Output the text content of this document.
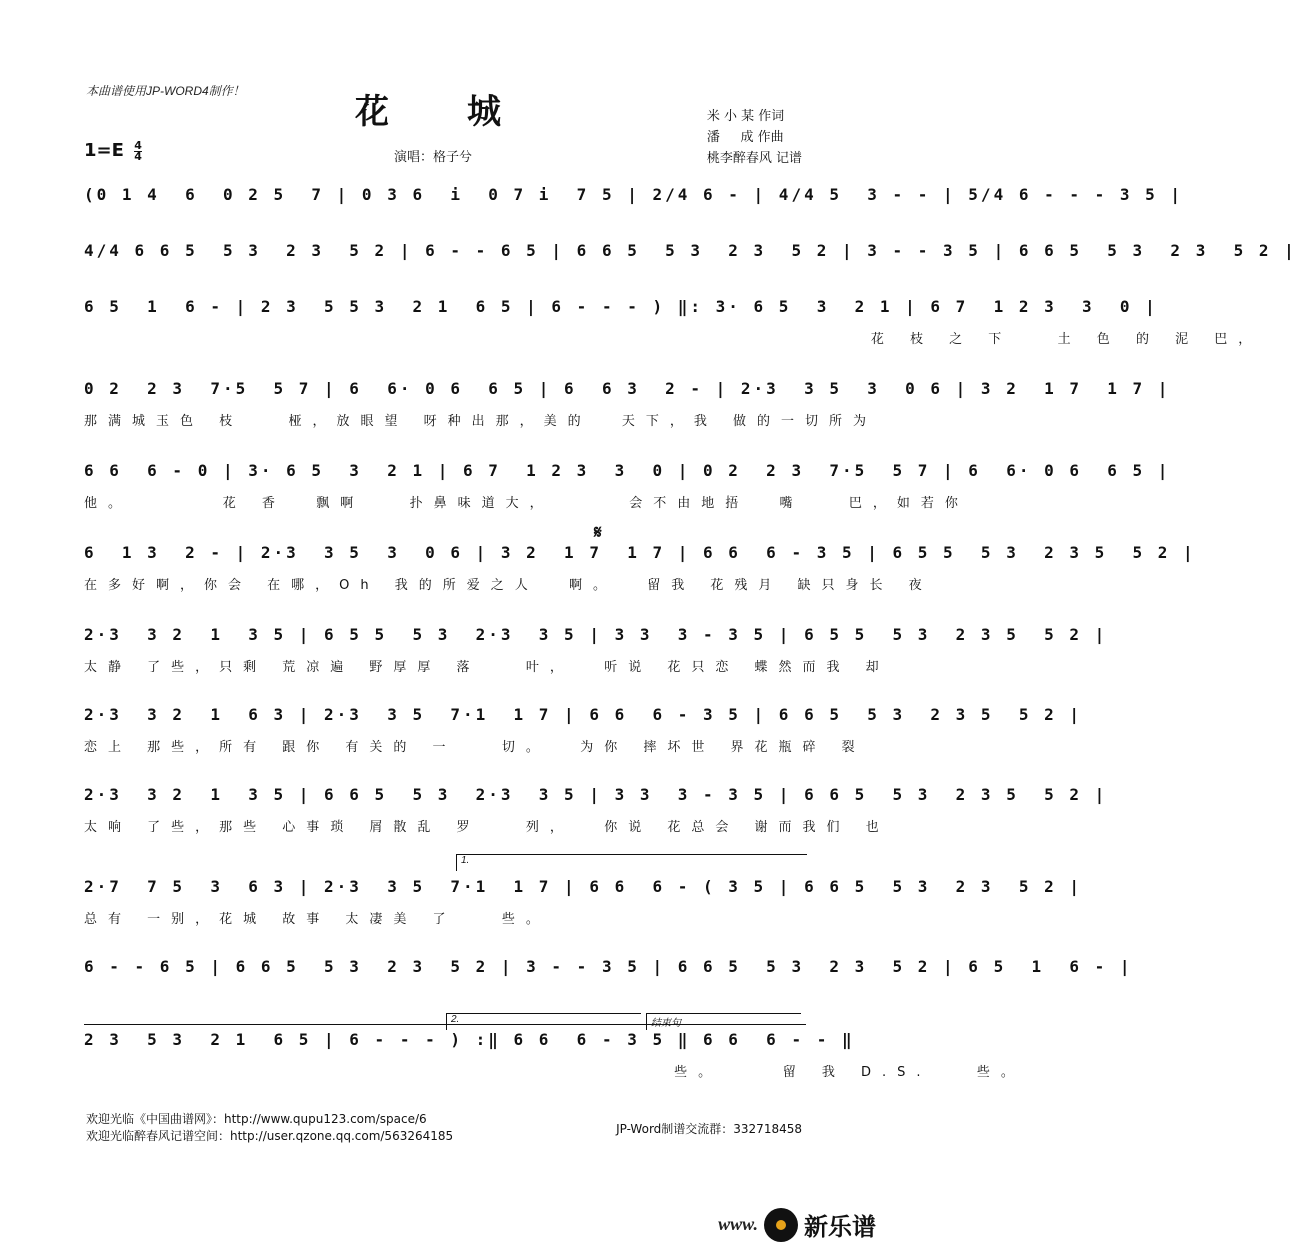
本曲谱使用JP-WORD4制作！
花 城	米 小 某 作词
潘     成 作曲
桃李醉春风 记谱
$1=E \frac{4}{4}$	演唱：格子兮
(0 1 4  6  0 2 5  7 | 0 3 6  i  0 7 i  7 5 | 2/4 6 - | 4/4 5  3 - - | 5/4 6 - - - 3 5 |
4/4 6 6 5  5 3  2 3  5 2 | 6 - - 6 5 | 6 6 5  5 3  2 3  5 2 | 3 - - 3 5 | 6 6 5  5 3  2 3  5 2 |
6 5  1  6 - | 2 3  5 5 3  2 1  6 5 | 6 - - - ) ‖: 3· 6 5  3  2 1 | 6 7  1 2 3  3  0 |
花 枝 之 下   土 色 的 泥 巴，
0 2  2 3  7·5  5 7 | 6  6· 0 6  6 5 | 6  6 3  2 - | 2·3  3 5  3  0 6 | 3 2  1 7  1 7 |
那满城玉色 枝   桠，放眼望 呀种出那，美的  天下，我 做的一切所为
6 6  6 - 0 | 3· 6 5  3  2 1 | 6 7  1 2 3  3  0 | 0 2  2 3  7·5  5 7 | 6  6· 0 6  6 5 |
他。      花 香  飘啊   扑鼻味道大，     会不由地捂  嘴   巴，如若你
𝄋
6  1 3  2 - | 2·3  3 5  3  0 6 | 3 2  1 7  1 7 | 6 6  6 - 3 5 | 6 5 5  5 3  2 3 5  5 2 |
在多好啊，你会 在哪，Oh 我的所爱之人  啊。  留我 花残月 缺只身长 夜
2·3  3 2  1  3 5 | 6 5 5  5 3  2·3  3 5 | 3 3  3 - 3 5 | 6 5 5  5 3  2 3 5  5 2 |
太静 了些，只剩 荒凉遍 野厚厚 落   叶，  听说 花只恋 蝶然而我 却
2·3  3 2  1  6 3 | 2·3  3 5  7·1  1 7 | 6 6  6 - 3 5 | 6 6 5  5 3  2 3 5  5 2 |
恋上 那些，所有 跟你 有关的 一   切。  为你 摔坏世 界花瓶碎 裂
2·3  3 2  1  3 5 | 6 6 5  5 3  2·3  3 5 | 3 3  3 - 3 5 | 6 6 5  5 3  2 3 5  5 2 |
太响 了些，那些 心事琐 屑散乱 罗   列，  你说 花总会 谢而我们 也
1.
2·7  7 5  3  6 3 | 2·3  3 5  7·1  1 7 | 6 6  6 - ( 3 5 | 6 6 5  5 3  2 3  5 2 |
总有 一别，花城 故事 太凄美 了   些。
6 - - 6 5 | 6 6 5  5 3  2 3  5 2 | 3 - - 3 5 | 6 6 5  5 3  2 3  5 2 | 6 5  1  6 - |
2.	结束句
2 3  5 3  2 1  6 5 | 6 - - - ) :‖ 6 6  6 - 3 5 ‖ 6 6  6 - - ‖
些。    留 我 D.S.   些。
欢迎光临《中国曲谱网》：http://www.qupu123.com/space/6
欢迎光临醉春风记谱空间：http://user.qzone.qq.com/563264185	JP-Word制谱交流群：332718458
www. 新乐谱
